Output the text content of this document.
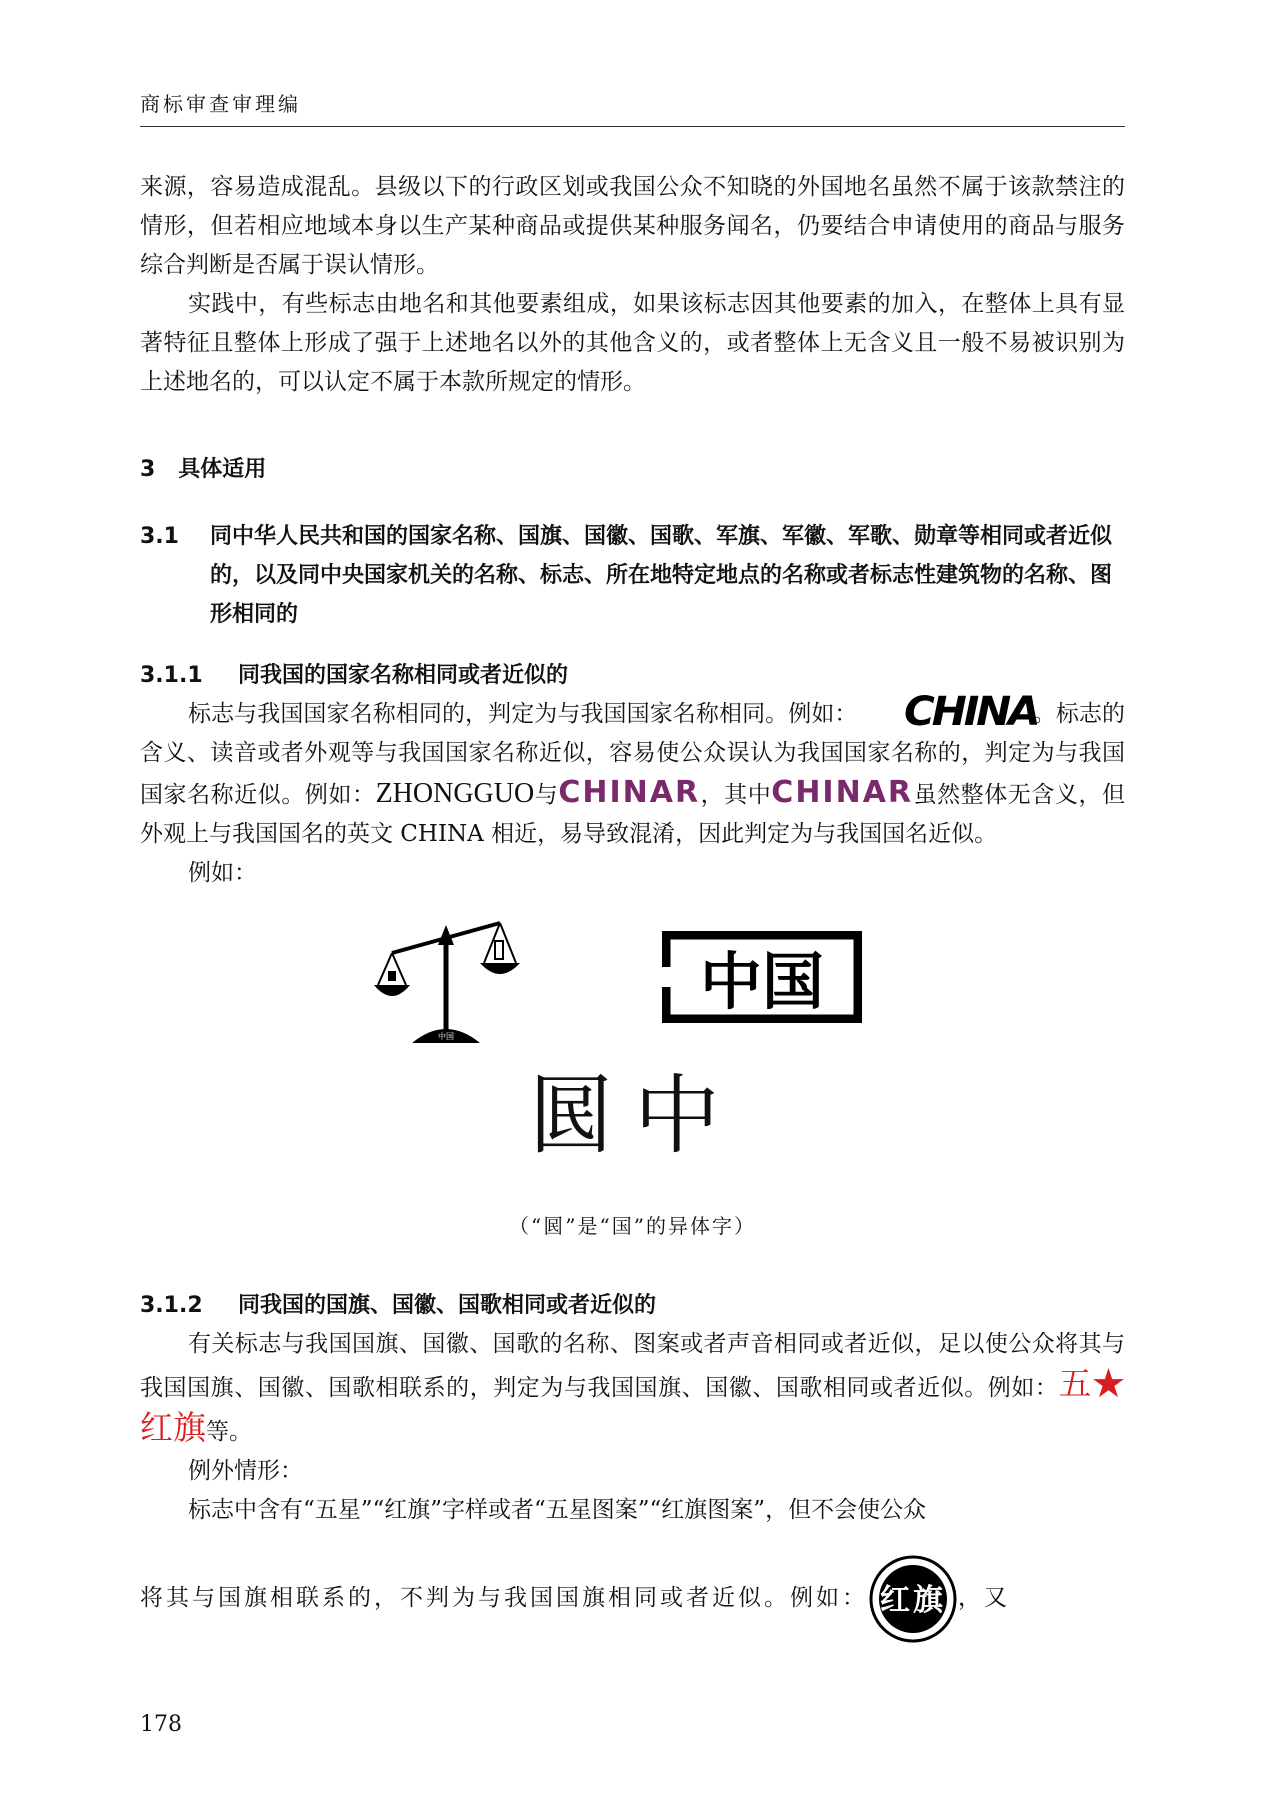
商标审查审理编

来源，容易造成混乱。县级以下的行政区划或我国公众不知晓的外国地名虽然不属于该款禁注的情形，但若相应地域本身以生产某种商品或提供某种服务闻名，仍要结合申请使用的商品与服务综合判断是否属于误认情形。

实践中，有些标志由地名和其他要素组成，如果该标志因其他要素的加入，在整体上具有显著特征且整体上形成了强于上述地名以外的其他含义的，或者整体上无含义且一般不易被识别为上述地名的，可以认定不属于本款所规定的情形。

3 具体适用
3.1	同中华人民共和国的国家名称、国旗、国徽、国歌、军旗、军徽、军歌、勋章等相同或者近似的，以及同中央国家机关的名称、标志、所在地特定地点的名称或者标志性建筑物的名称、图形相同的
3.1.1 同我国的国家名称相同或者近似的

标志与我国国家名称相同的，判定为与我国国家名称相同。例如： CHINA。标志的含义、读音或者外观等与我国国家名称近似，容易使公众误认为我国国家名称的，判定为与我国国家名称近似。例如：ZHONGGUO与CHINAR，其中CHINAR虽然整体无含义，但外观上与我国国名的英文 CHINA 相近，易导致混淆，因此判定为与我国国名近似。

例如：

中国
中国
囻中

（“囻”是“国”的异体字）

3.1.2 同我国的国旗、国徽、国歌相同或者近似的

有关标志与我国国旗、国徽、国歌的名称、图案或者声音相同或者近似，足以使公众将其与我国国旗、国徽、国歌相联系的，判定为与我国国旗、国徽、国歌相同或者近似。例如：五★红旗等。

例外情形：

标志中含有“五星”“红旗”字样或者“五星图案”“红旗图案”，但不会使公众

将其与国旗相联系的，不判为与我国国旗相同或者近似。例如： 红旗 ，又

178
